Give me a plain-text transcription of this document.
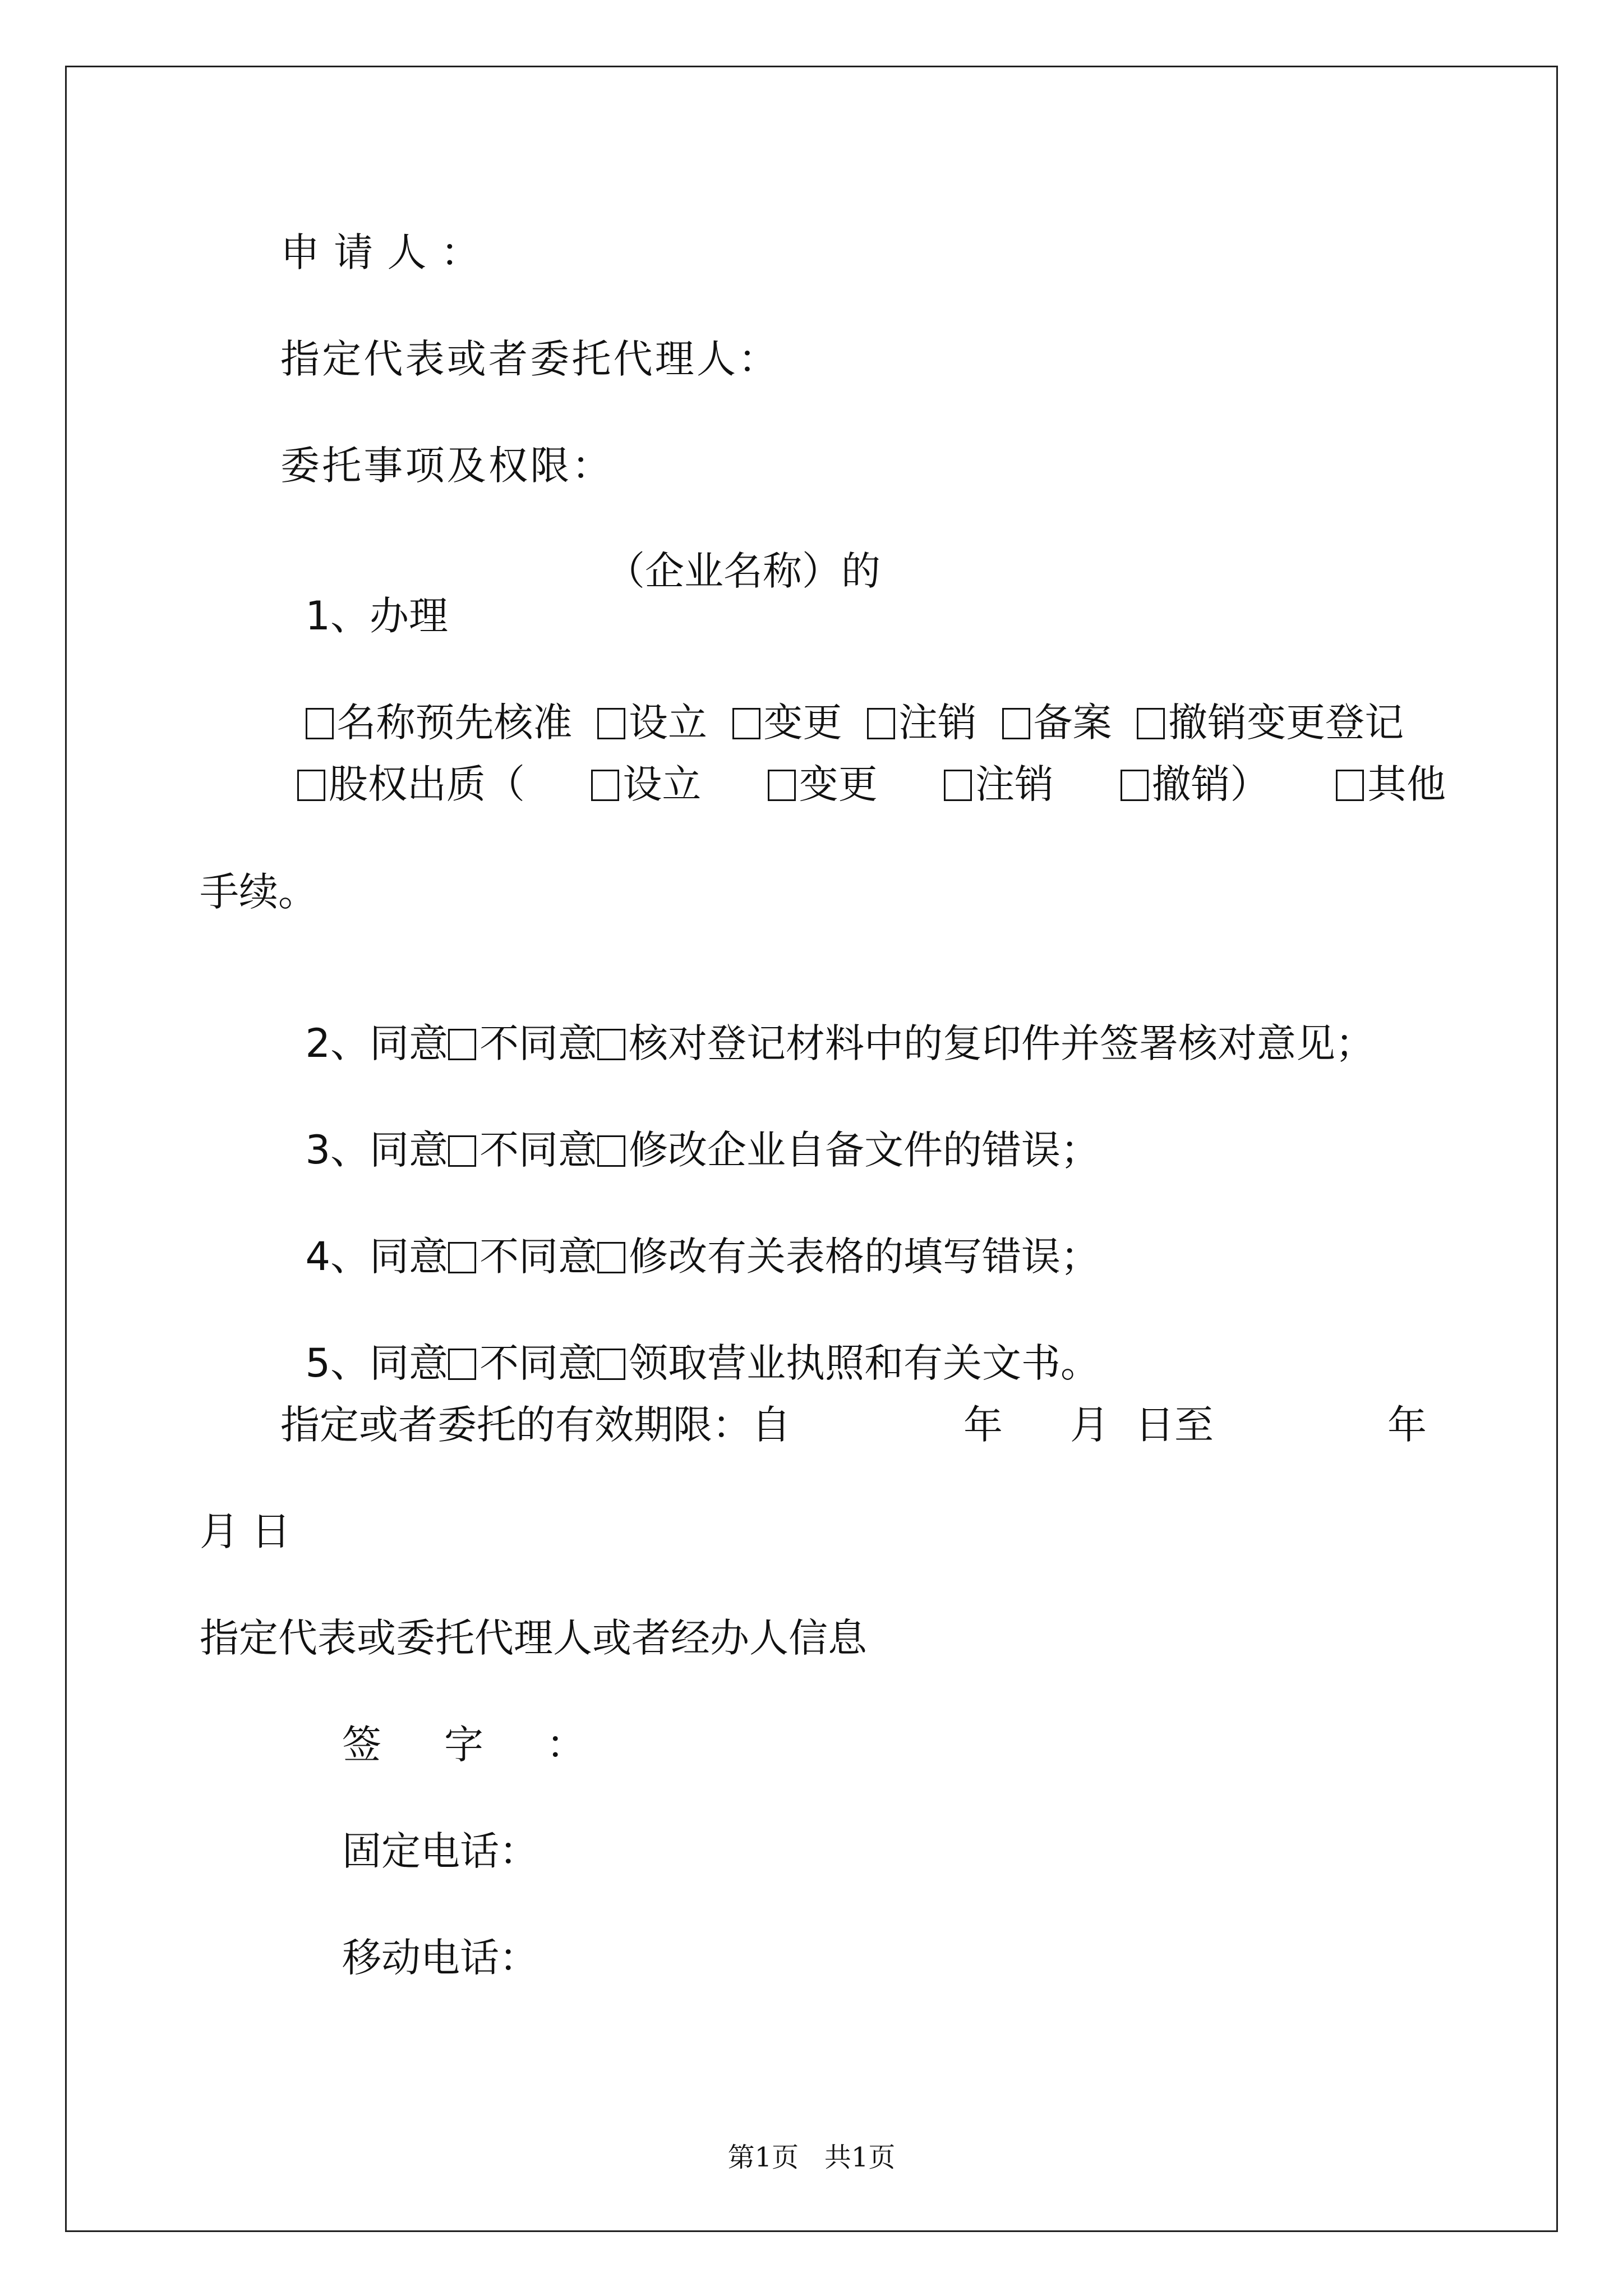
申请人：
指定代表或者委托代理人：
委托事项及权限：

1、办理

（企业名称）的

名称预先核准 设立 变更 注销 备案 撤销变更登记

股权出质（	设立	变更	注销	撤销）	其他
手续。

2、同意 不同意 核对登记材料中的复印件并签署核对意见；

3、同意 不同意 修改企业自备文件的错误；

4、同意 不同意 修改有关表格的填写错误；

5、同意 不同意 领取营业执照和有关文书。

指定或者委托的有效期限：自	年 月 日至	年
月 日
指定代表或委托代理人或者经办人信息
签字：
固定电话：
移动电话：
第1页 共1页
